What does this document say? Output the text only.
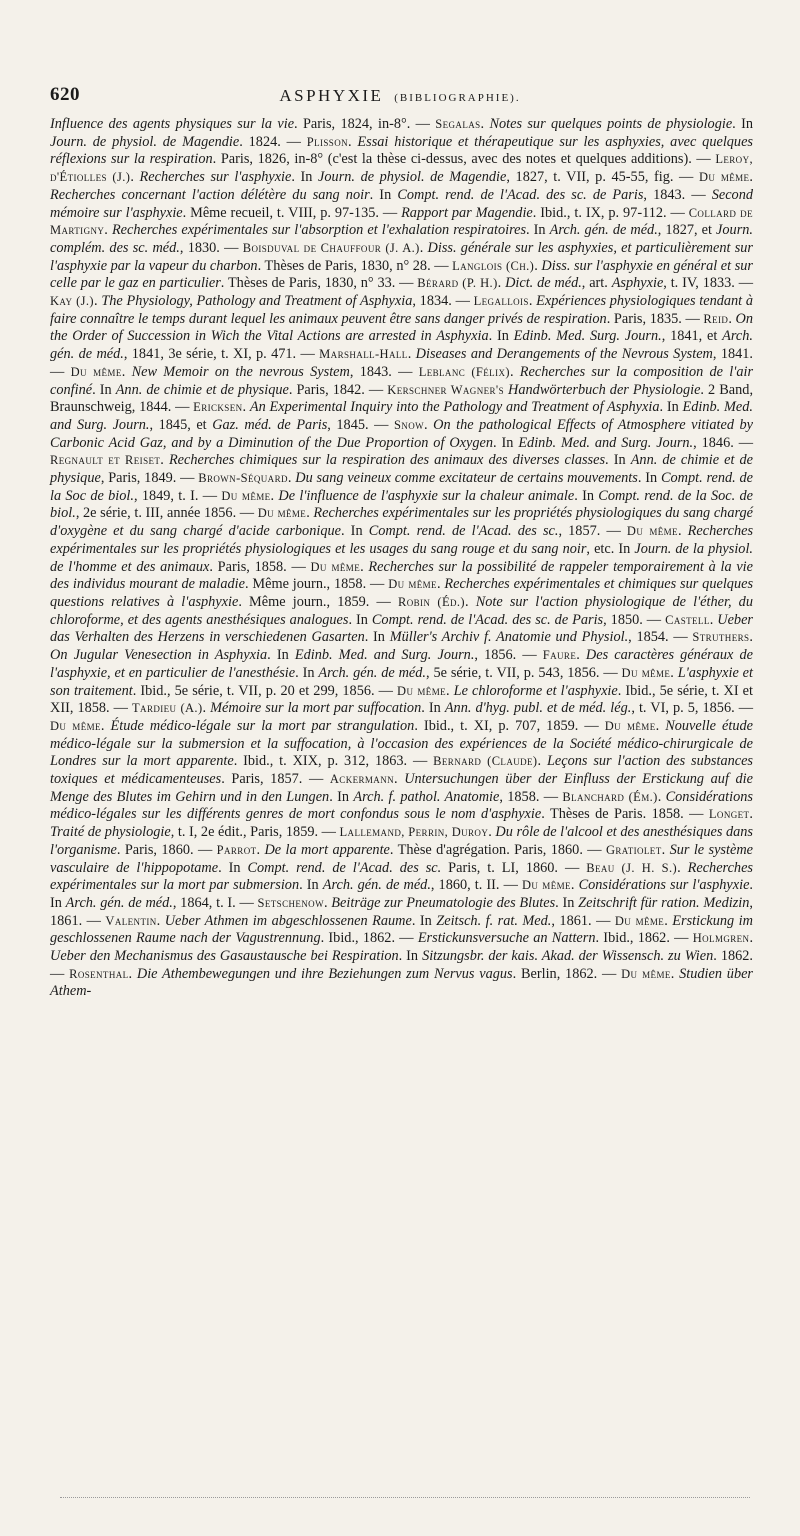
620	ASPHYXIE (BIBLIOGRAPHIE).

Influence des agents physiques sur la vie. Paris, 1824, in-8°. — Segalas. Notes sur quelques points de physiologie. In Journ. de physiol. de Magendie. 1824. — Plisson. Essai historique et thérapeutique sur les asphyxies, avec quelques réflexions sur la respiration. Paris, 1826, in-8° (c'est la thèse ci-dessus, avec des notes et quelques additions). — Leroy, d'Étiolles (J.). Recherches sur l'asphyxie. In Journ. de physiol. de Magendie, 1827, t. VII, p. 45-55, fig. — Du même. Recherches concernant l'action délétère du sang noir. In Compt. rend. de l'Acad. des sc. de Paris, 1843. — Second mémoire sur l'asphyxie. Même recueil, t. VIII, p. 97-135. — Rapport par Magendie. Ibid., t. IX, p. 97-112. — Collard de Martigny. Recherches expérimentales sur l'absorption et l'exhalation respiratoires. In Arch. gén. de méd., 1827, et Journ. complém. des sc. méd., 1830. — Boisduval de Chauffour (J. A.). Diss. générale sur les asphyxies, et particulièrement sur l'asphyxie par la vapeur du charbon. Thèses de Paris, 1830, n° 28. — Langlois (Ch.). Diss. sur l'asphyxie en général et sur celle par le gaz en particulier. Thèses de Paris, 1830, n° 33. — Bérard (P. H.). Dict. de méd., art. Asphyxie, t. IV, 1833. — Kay (J.). The Physiology, Pathology and Treatment of Asphyxia, 1834. — Legallois. Expériences physiologiques tendant à faire connaître le temps durant lequel les animaux peuvent être sans danger privés de respiration. Paris, 1835. — Reid. On the Order of Succession in Wich the Vital Actions are arrested in Asphyxia. In Edinb. Med. Surg. Journ., 1841, et Arch. gén. de méd., 1841, 3e série, t. XI, p. 471. — Marshall-Hall. Diseases and Derangements of the Nevrous System, 1841. — Du même. New Memoir on the nevrous System, 1843. — Leblanc (Félix). Recherches sur la composition de l'air confiné. In Ann. de chimie et de physique. Paris, 1842. — Kerschner Wagner's Handwörterbuch der Physiologie. 2 Band, Braunschweig, 1844. — Ericksen. An Experimental Inquiry into the Pathology and Treatment of Asphyxia. In Edinb. Med. and Surg. Journ., 1845, et Gaz. méd. de Paris, 1845. — Snow. On the pathological Effects of Atmosphere vitiated by Carbonic Acid Gaz, and by a Diminution of the Due Proportion of Oxygen. In Edinb. Med. and Surg. Journ., 1846. — Regnault et Reiset. Recherches chimiques sur la respiration des animaux des diverses classes. In Ann. de chimie et de physique, Paris, 1849. — Brown-Séquard. Du sang veineux comme excitateur de certains mouvements. In Compt. rend. de la Soc de biol., 1849, t. I. — Du même. De l'influence de l'asphyxie sur la chaleur animale. In Compt. rend. de la Soc. de biol., 2e série, t. III, année 1856. — Du même. Recherches expérimentales sur les propriétés physiologiques du sang chargé d'oxygène et du sang chargé d'acide carbonique. In Compt. rend. de l'Acad. des sc., 1857. — Du même. Recherches expérimentales sur les propriétés physiologiques et les usages du sang rouge et du sang noir, etc. In Journ. de la physiol. de l'homme et des animaux. Paris, 1858. — Du même. Recherches sur la possibilité de rappeler temporairement à la vie des individus mourant de maladie. Même journ., 1858. — Du même. Recherches expérimentales et chimiques sur quelques questions relatives à l'asphyxie. Même journ., 1859. — Robin (Éd.). Note sur l'action physiologique de l'éther, du chloroforme, et des agents anesthésiques analogues. In Compt. rend. de l'Acad. des sc. de Paris, 1850. — Castell. Ueber das Verhalten des Herzens in verschiedenen Gasarten. In Müller's Archiv f. Anatomie und Physiol., 1854. — Struthers. On Jugular Venesection in Asphyxia. In Edinb. Med. and Surg. Journ., 1856. — Faure. Des caractères généraux de l'asphyxie, et en particulier de l'anesthésie. In Arch. gén. de méd., 5e série, t. VII, p. 543, 1856. — Du même. L'asphyxie et son traitement. Ibid., 5e série, t. VII, p. 20 et 299, 1856. — Du même. Le chloroforme et l'asphyxie. Ibid., 5e série, t. XI et XII, 1858. — Tardieu (A.). Mémoire sur la mort par suffocation. In Ann. d'hyg. publ. et de méd. lég., t. VI, p. 5, 1856. — Du même. Étude médico-légale sur la mort par strangulation. Ibid., t. XI, p. 707, 1859. — Du même. Nouvelle étude médico-légale sur la submersion et la suffocation, à l'occasion des expériences de la Société médico-chirurgicale de Londres sur la mort apparente. Ibid., t. XIX, p. 312, 1863. — Bernard (Claude). Leçons sur l'action des substances toxiques et médicamenteuses. Paris, 1857. — Ackermann. Untersuchungen über der Einfluss der Erstickung auf die Menge des Blutes im Gehirn und in den Lungen. In Arch. f. pathol. Anatomie, 1858. — Blanchard (Ém.). Considérations médico-légales sur les différents genres de mort confondus sous le nom d'asphyxie. Thèses de Paris. 1858. — Longet. Traité de physiologie, t. I, 2e édit., Paris, 1859. — Lallemand, Perrin, Duroy. Du rôle de l'alcool et des anesthésiques dans l'organisme. Paris, 1860. — Parrot. De la mort apparente. Thèse d'agrégation. Paris, 1860. — Gratiolet. Sur le système vasculaire de l'hippopotame. In Compt. rend. de l'Acad. des sc. Paris, t. LI, 1860. — Beau (J. H. S.). Recherches expérimentales sur la mort par submersion. In Arch. gén. de méd., 1860, t. II. — Du même. Considérations sur l'asphyxie. In Arch. gén. de méd., 1864, t. I. — Setschenow. Beiträge zur Pneumatologie des Blutes. In Zeitschrift für ration. Medizin, 1861. — Valentin. Ueber Athmen im abgeschlossenen Raume. In Zeitsch. f. rat. Med., 1861. — Du même. Erstickung im geschlossenen Raume nach der Vagustrennung. Ibid., 1862. — Erstickunsversuche an Nattern. Ibid., 1862. — Holmgren. Ueber den Mechanismus des Gasaustausche bei Respiration. In Sitzungsbr. der kais. Akad. der Wissensch. zu Wien. 1862. — Rosenthal. Die Athembewegungen und ihre Beziehungen zum Nervus vagus. Berlin, 1862. — Du même. Studien über Athem-
